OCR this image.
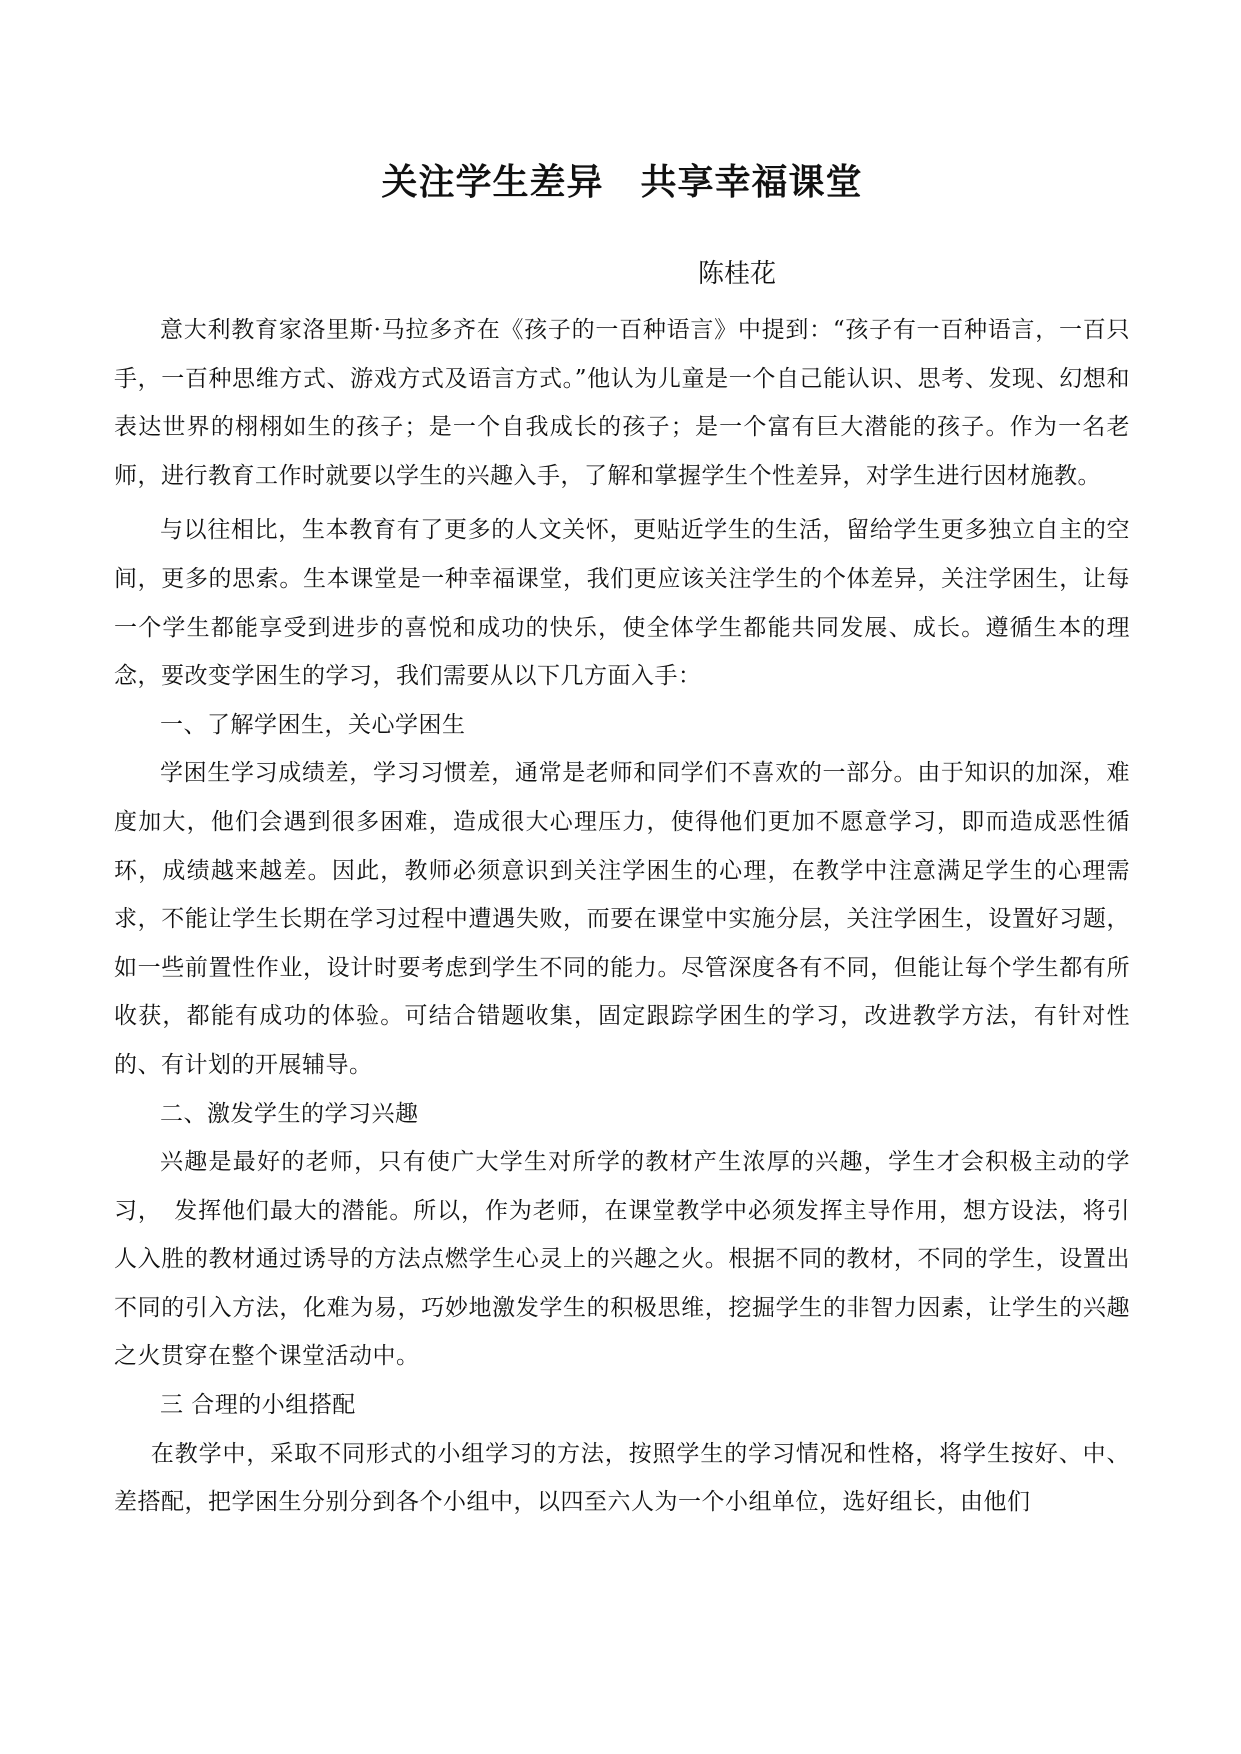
关注学生差异　共享幸福课堂
陈桂花

意大利教育家洛里斯·马拉多齐在《孩子的一百种语言》中提到：“孩子有一百种语言，一百只手，一百种思维方式、游戏方式及语言方式。”他认为儿童是一个自己能认识、思考、发现、幻想和表达世界的栩栩如生的孩子；是一个自我成长的孩子；是一个富有巨大潜能的孩子。作为一名老师，进行教育工作时就要以学生的兴趣入手，了解和掌握学生个性差异，对学生进行因材施教。

与以往相比，生本教育有了更多的人文关怀，更贴近学生的生活，留给学生更多独立自主的空间，更多的思索。生本课堂是一种幸福课堂，我们更应该关注学生的个体差异，关注学困生，让每一个学生都能享受到进步的喜悦和成功的快乐，使全体学生都能共同发展、成长。遵循生本的理念，要改变学困生的学习，我们需要从以下几方面入手：

一、了解学困生，关心学困生

学困生学习成绩差，学习习惯差，通常是老师和同学们不喜欢的一部分。由于知识的加深，难度加大，他们会遇到很多困难，造成很大心理压力，使得他们更加不愿意学习，即而造成恶性循环，成绩越来越差。因此，教师必须意识到关注学困生的心理，在教学中注意满足学生的心理需求，不能让学生长期在学习过程中遭遇失败，而要在课堂中实施分层，关注学困生，设置好习题，如一些前置性作业，设计时要考虑到学生不同的能力。尽管深度各有不同，但能让每个学生都有所收获，都能有成功的体验。可结合错题收集，固定跟踪学困生的学习，改进教学方法，有针对性的、有计划的开展辅导。

二、激发学生的学习兴趣

兴趣是最好的老师，只有使广大学生对所学的教材产生浓厚的兴趣，学生才会积极主动的学习，　发挥他们最大的潜能。所以，作为老师，在课堂教学中必须发挥主导作用，想方设法，将引人入胜的教材通过诱导的方法点燃学生心灵上的兴趣之火。根据不同的教材，不同的学生，设置出不同的引入方法，化难为易，巧妙地激发学生的积极思维，挖掘学生的非智力因素，让学生的兴趣之火贯穿在整个课堂活动中。

三 合理的小组搭配

在教学中，采取不同形式的小组学习的方法，按照学生的学习情况和性格，将学生按好、中、差搭配，把学困生分别分到各个小组中，以四至六人为一个小组单位，选好组长，由他们
